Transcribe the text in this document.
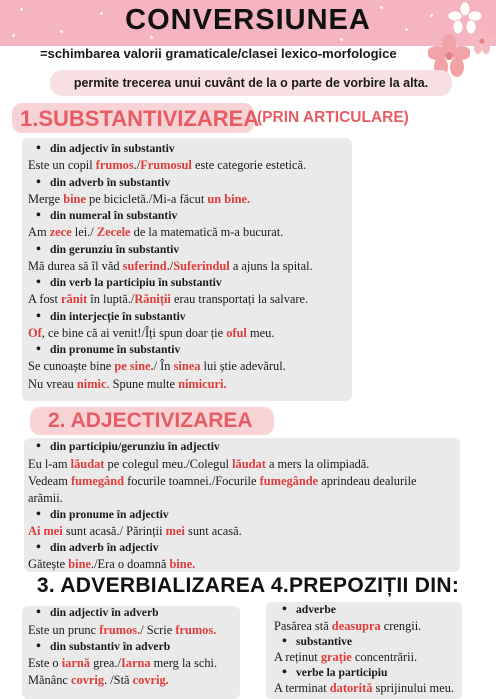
CONVERSIUNEA
=schimbarea valorii gramaticale/clasei lexico-morfologice
permite trecerea unui cuvânt de la o parte de vorbire la alta.
1.SUBSTANTIVIZAREA
(PRIN ARTICULARE)
• din adjectiv în substantiv
Este un copil frumos./Frumosul este categorie estetică.
• din adverb în substantiv
Merge bine pe bicicletă./Mi-a făcut un bine.
• din numeral în substantiv
Am zece lei./ Zecele de la matematică m-a bucurat.
• din gerunziu în substantiv
Mă durea să îl văd suferind./Suferindul a ajuns la spital.
• din verb la participiu în substantiv
A fost rănit în luptă./Răniții erau transportați la salvare.
• din interjecție în substantiv
Of, ce bine că ai venit!/Îți spun doar ție oful meu.
• din pronume în substantiv
Se cunoaște bine pe sine./ În sinea lui știe adevărul.
Nu vreau nimic. Spune multe nimicuri.
2. ADJECTIVIZAREA
• din participiu/gerunziu în adjectiv
Eu l-am lăudat pe colegul meu./Colegul lăudat a mers la olimpiadă.
Vedeam fumegând focurile toamnei./Focurile fumegânde aprindeau dealurile
arămii.
• din pronume în adjectiv
Ai mei sunt acasă./ Părinții mei sunt acasă.
• din adverb în adjectiv
Gătește bine./Era o doamnă bine.
3. ADVERBIALIZAREA 4.PREPOZIȚII DIN:
• din adjectiv în adverb
Este un prunc frumos./ Scrie frumos.
• din substantiv în adverb
Este o iarnă grea./Iarna merg la schi.
Mănânc covrig. /Stă covrig.
• adverbe
Pasărea stă deasupra crengii.
• substantive
A reținut grație concentrării.
• verbe la participiu
A terminat datorită sprijinului meu.
